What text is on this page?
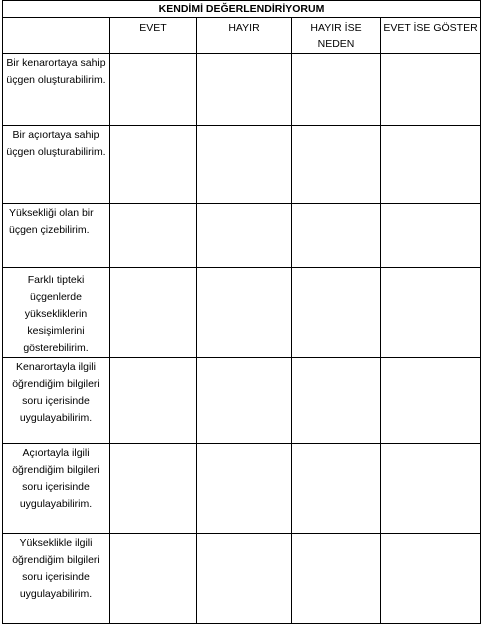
KENDİMİ DEĞERLENDİRİYORUM				
	EVET	HAYIR	HAYIR İSE NEDEN	EVET İSE GÖSTER
Bir kenarortaya sahip üçgen oluşturabilirim.				
Bir açıortaya sahip üçgen oluşturabilirim.				
Yüksekliği olan bir üçgen çizebilirim.				
Farklı tipteki üçgenlerde yüksekliklerin kesişimlerini gösterebilirim.				
Kenarortayla ilgili öğrendiğim bilgileri soru içerisinde uygulayabilirim.				
Açıortayla ilgili öğrendiğim bilgileri soru içerisinde uygulayabilirim.				
Yükseklikle ilgili öğrendiğim bilgileri soru içerisinde uygulayabilirim.				
